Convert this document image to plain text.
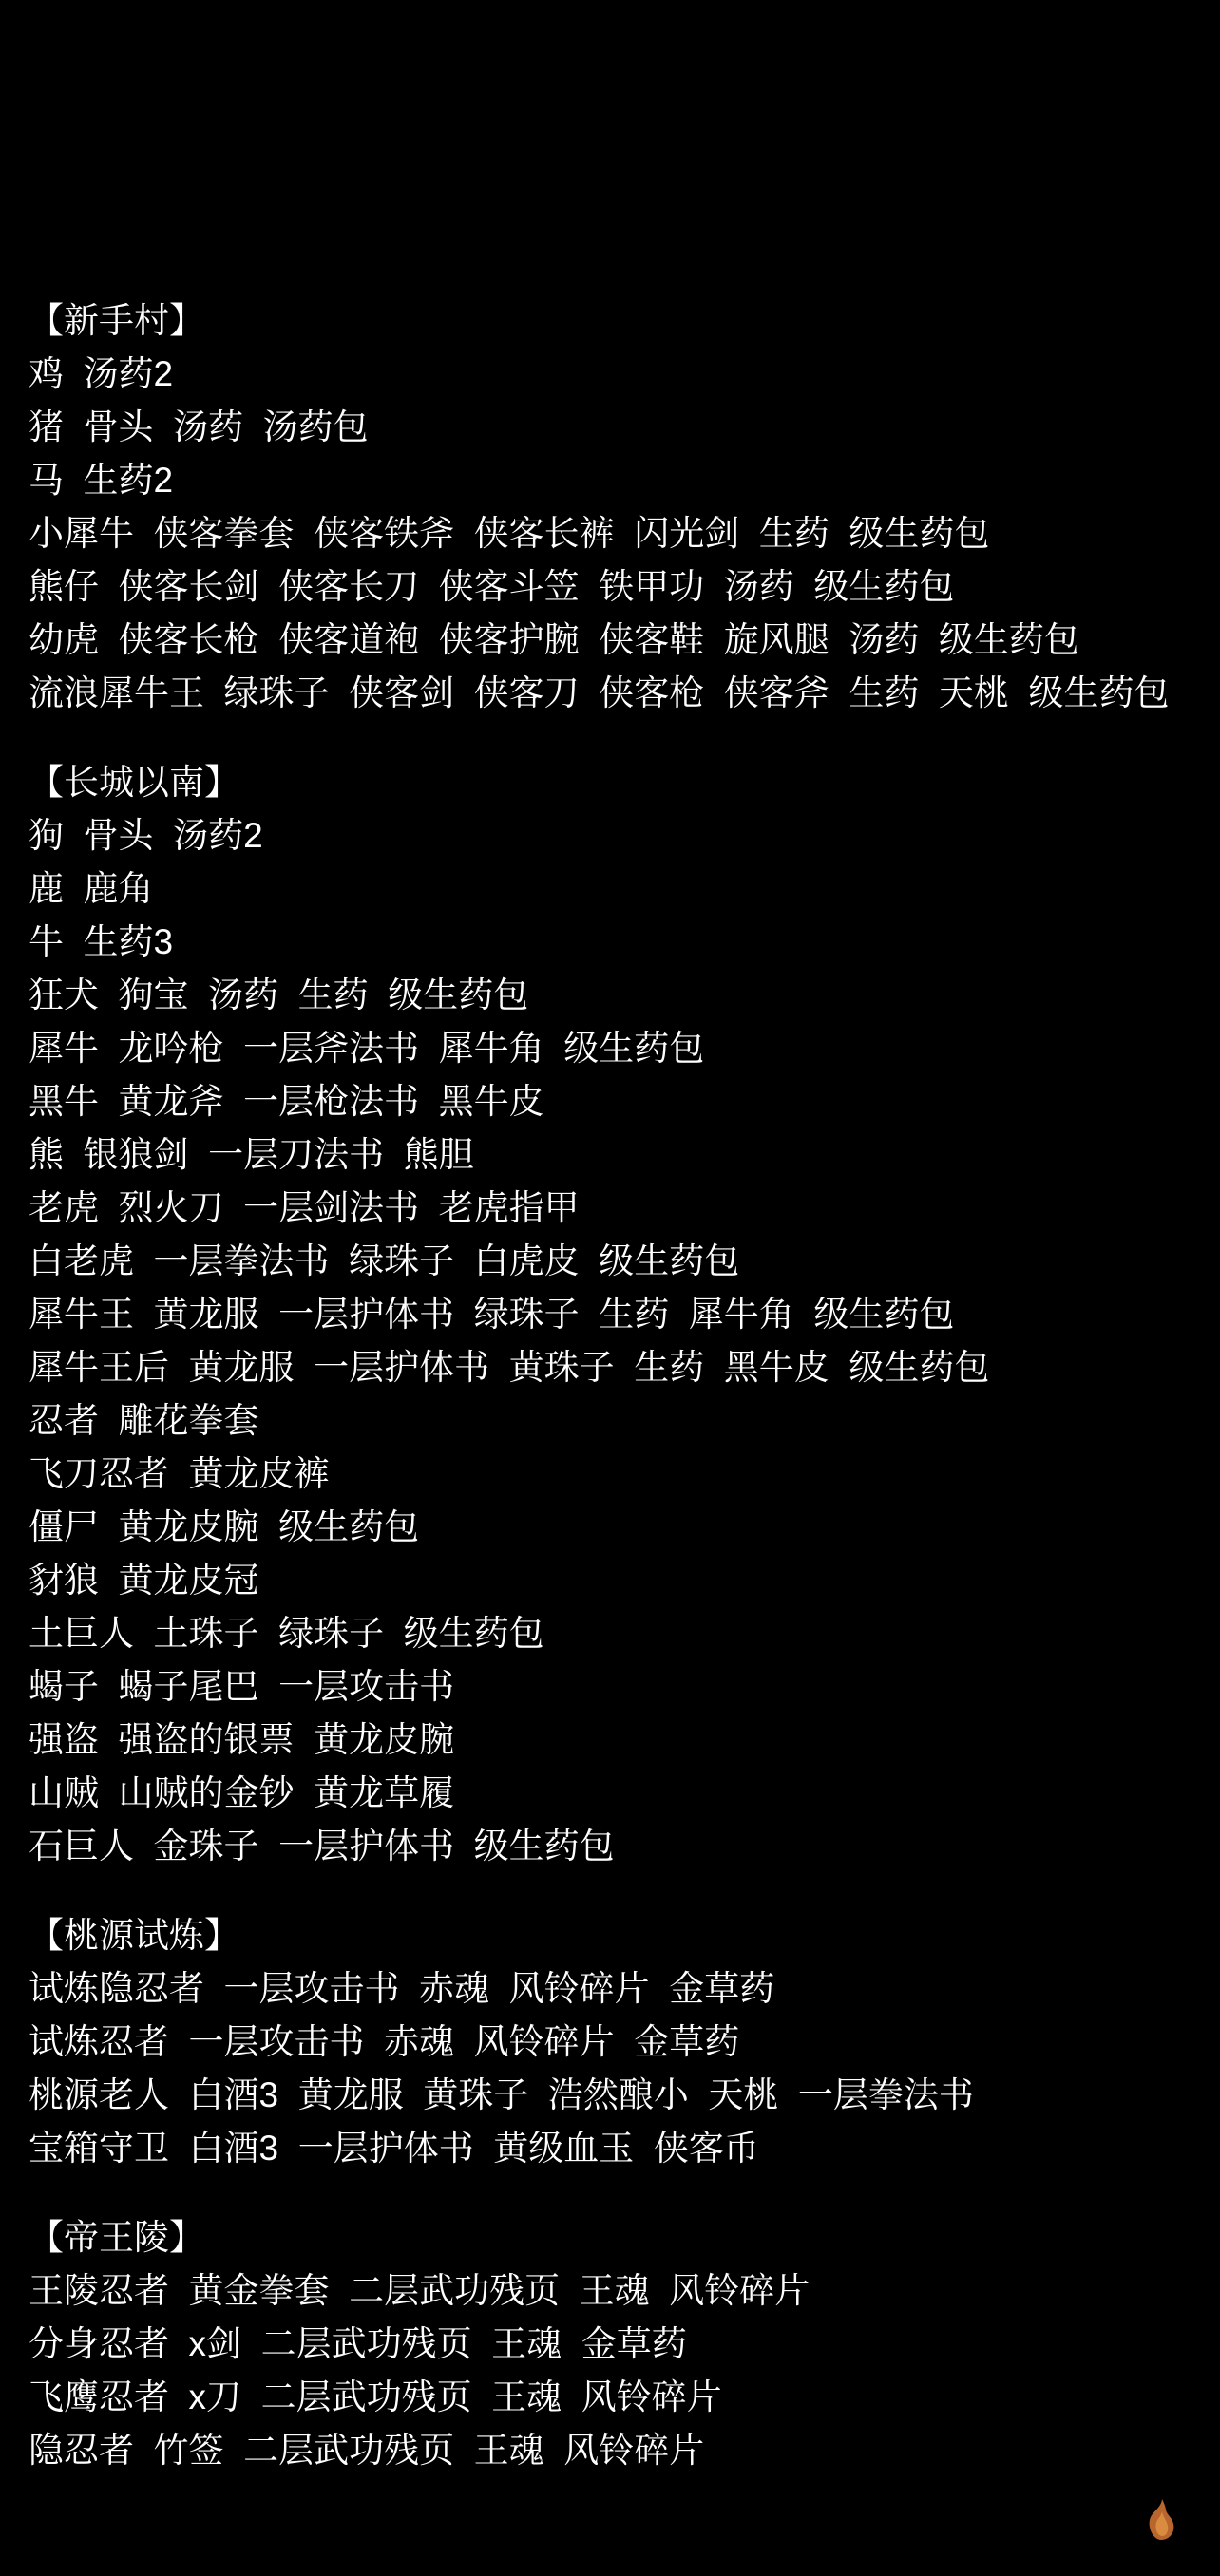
【新手村】
鸡  汤药2
猪  骨头  汤药  汤药包
马  生药2
小犀牛  侠客拳套  侠客铁斧  侠客长裤  闪光剑  生药  级生药包
熊仔  侠客长剑  侠客长刀  侠客斗笠  铁甲功  汤药  级生药包
幼虎  侠客长枪  侠客道袍  侠客护腕  侠客鞋  旋风腿  汤药  级生药包
流浪犀牛王  绿珠子  侠客剑  侠客刀  侠客枪  侠客斧  生药  天桃  级生药包
【长城以南】
狗  骨头  汤药2
鹿  鹿角
牛  生药3
狂犬  狗宝  汤药  生药  级生药包
犀牛  龙吟枪  一层斧法书  犀牛角  级生药包
黑牛  黄龙斧  一层枪法书  黑牛皮
熊  银狼剑  一层刀法书  熊胆
老虎  烈火刀  一层剑法书  老虎指甲
白老虎  一层拳法书  绿珠子  白虎皮  级生药包
犀牛王  黄龙服  一层护体书  绿珠子  生药  犀牛角  级生药包
犀牛王后  黄龙服  一层护体书  黄珠子  生药  黑牛皮  级生药包
忍者  雕花拳套
飞刀忍者  黄龙皮裤
僵尸  黄龙皮腕  级生药包
豺狼  黄龙皮冠
土巨人  土珠子  绿珠子  级生药包
蝎子  蝎子尾巴  一层攻击书
强盗  强盗的银票  黄龙皮腕
山贼  山贼的金钞  黄龙草履
石巨人  金珠子  一层护体书  级生药包
【桃源试炼】
试炼隐忍者  一层攻击书  赤魂  风铃碎片  金草药
试炼忍者  一层攻击书  赤魂  风铃碎片  金草药
桃源老人  白酒3  黄龙服  黄珠子  浩然酿小  天桃  一层拳法书
宝箱守卫  白酒3  一层护体书  黄级血玉  侠客币
【帝王陵】
王陵忍者  黄金拳套  二层武功残页  王魂  风铃碎片
分身忍者  x剑  二层武功残页  王魂  金草药
飞鹰忍者  x刀  二层武功残页  王魂  风铃碎片
隐忍者  竹签  二层武功残页  王魂  风铃碎片
